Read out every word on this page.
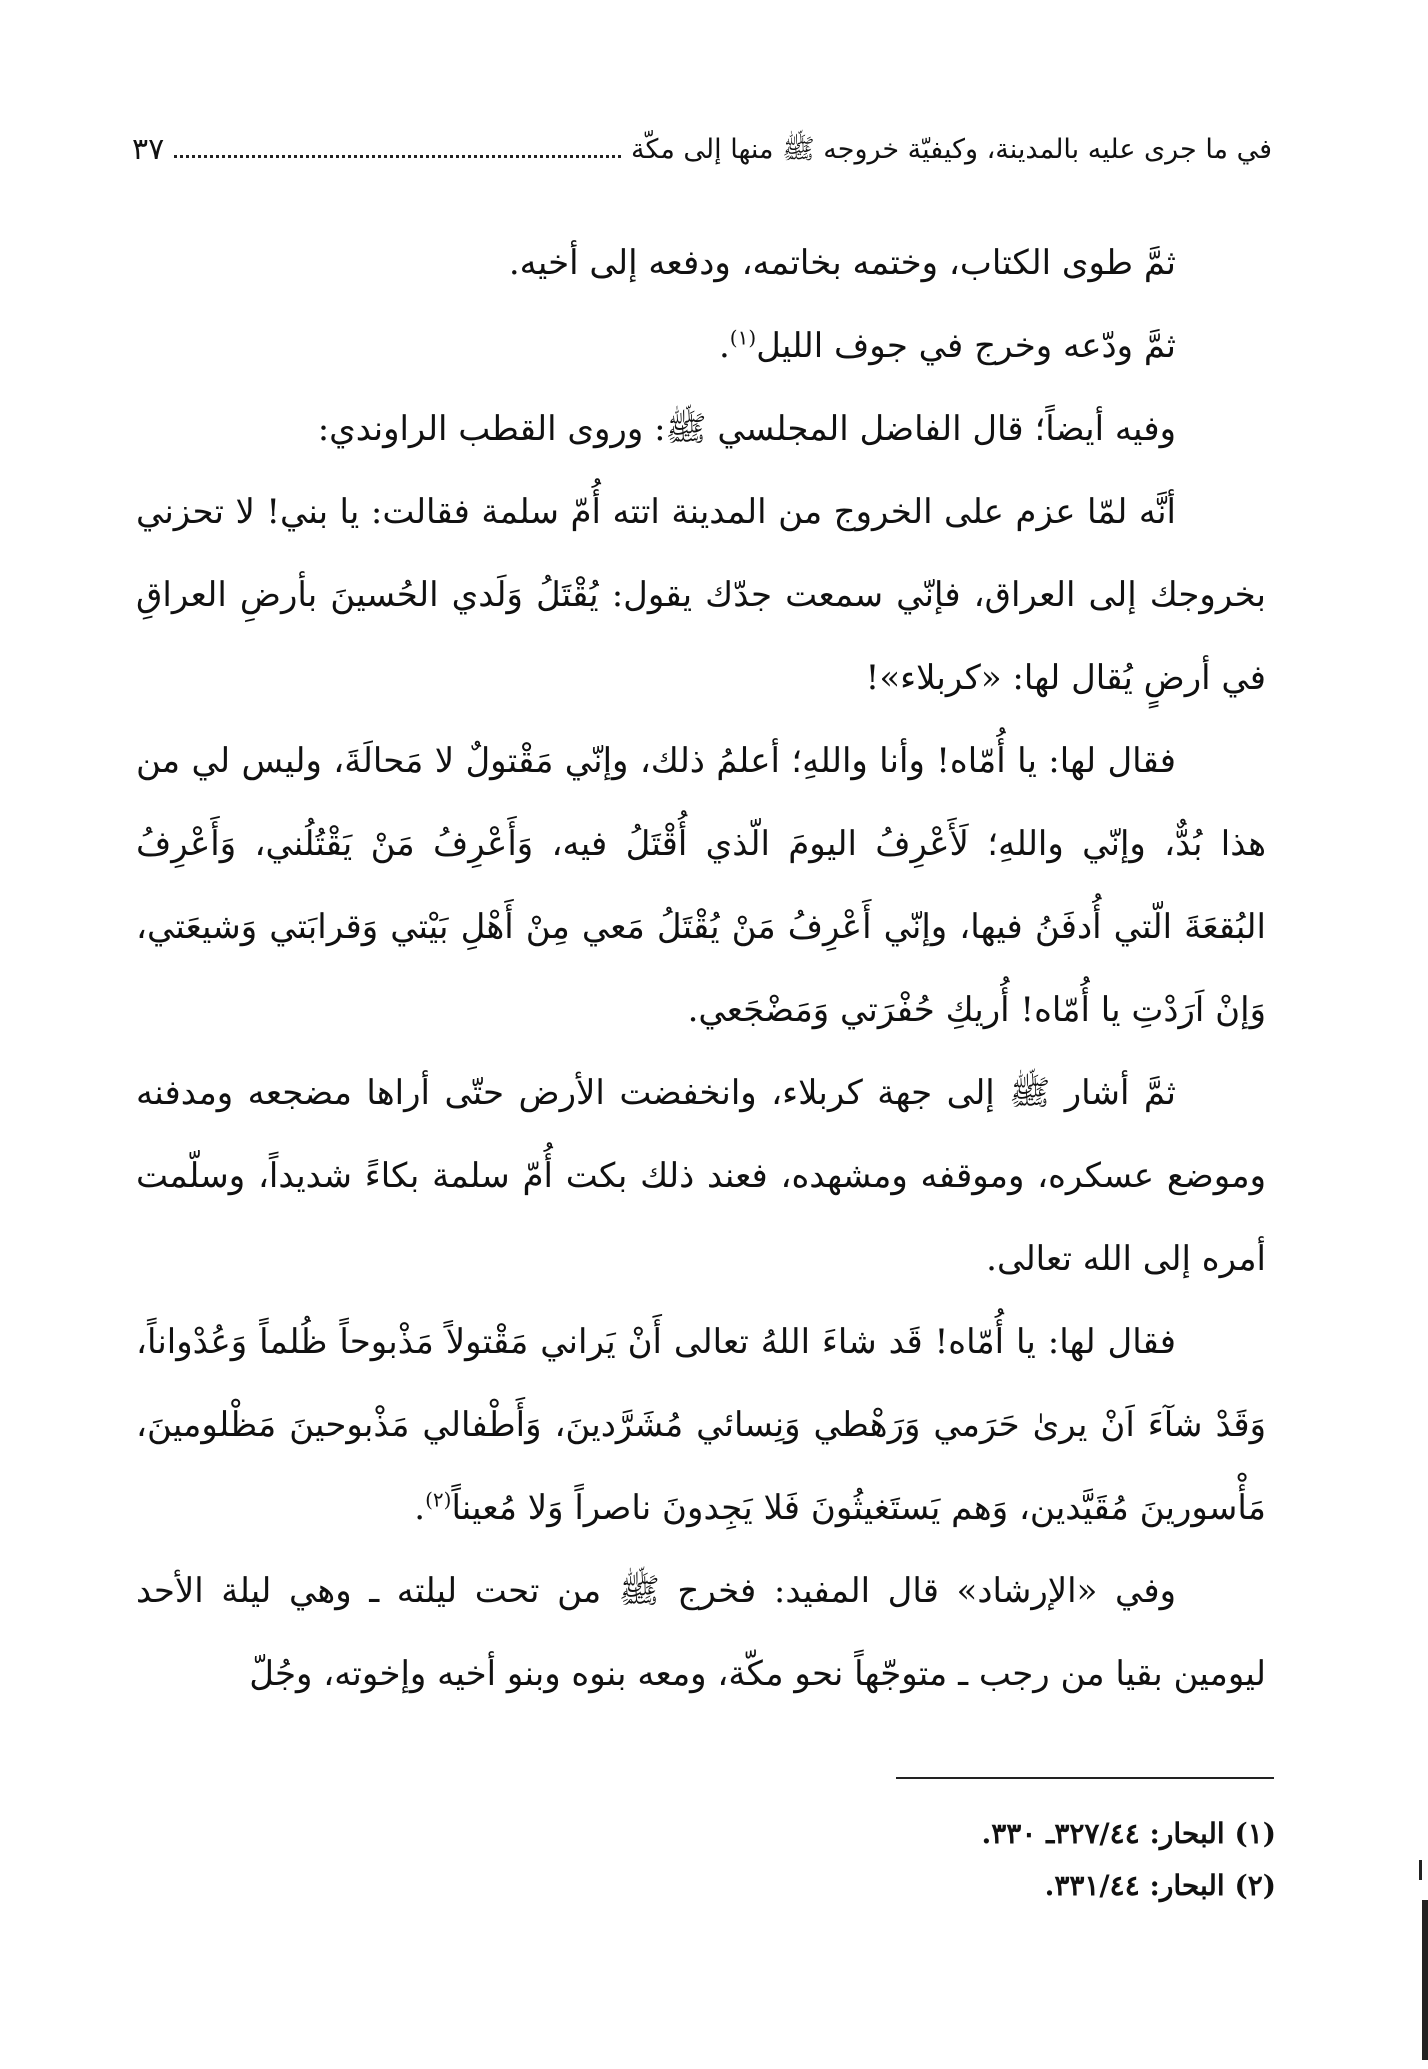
في ما جرى عليه بالمدينة، وكيفيّة خروجه ﷺ منها إلى مكّة
٣٧

ثمَّ طوى الكتاب، وختمه بخاتمه، ودفعه إلى أخيه.

ثمَّ ودّعه وخرج في جوف الليل$^{(١)}$.

وفيه أيضاً؛ قال الفاضل المجلسي ﷺ: وروى القطب الراوندي:

أنَّه لمّا عزم على الخروج من المدينة اتته أُمّ سلمة فقالت: يا بني! لا تحزني بخروجك إلى العراق، فإنّي سمعت جدّك يقول: يُقْتَلُ وَلَدي الحُسينَ بأرضِ العراقِ في أرضٍ يُقال لها: «كربلاء»!

فقال لها: يا أُمّاه! وأنا واللهِ؛ أعلمُ ذلك، وإنّي مَقْتولٌ لا مَحالَةَ، وليس لي من هذا بُدٌّ، وإنّي واللهِ؛ لَأَعْرِفُ اليومَ الّذي أُقْتَلُ فيه، وَأَعْرِفُ مَنْ يَقْتُلُني، وَأَعْرِفُ البُقعَةَ الّتي أُدفَنُ فيها، وإنّي أَعْرِفُ مَنْ يُقْتَلُ مَعي مِنْ أَهْلِ بَيْتي وَقرابَتي وَشيعَتي، وَإنْ اَرَدْتِ يا أُمّاه! أُريكِ حُفْرَتي وَمَضْجَعي.

ثمَّ أشار ﷺ إلى جهة كربلاء، وانخفضت الأرض حتّى أراها مضجعه ومدفنه وموضع عسكره، وموقفه ومشهده، فعند ذلك بكت أُمّ سلمة بكاءً شديداً، وسلّمت أمره إلى الله تعالى.

فقال لها: يا أُمّاه! قَد شاءَ اللهُ تعالى أَنْ يَراني مَقْتولاً مَذْبوحاً ظُلماً وَعُدْواناً، وَقَدْ شآءَ اَنْ يرىٰ حَرَمي وَرَهْطي وَنِسائي مُشَرَّدينَ، وَأَطْفالي مَذْبوحينَ مَظْلومينَ، مَأْسورينَ مُقَيَّدين، وَهم يَستَغيثُونَ فَلا يَجِدونَ ناصراً وَلا مُعيناً$^{(٢)}$.

وفي «الإرشاد» قال المفيد: فخرج ﷺ من تحت ليلته ـ وهي ليلة الأحد ليومين بقيا من رجب ـ متوجّهاً نحو مكّة، ومعه بنوه وبنو أخيه وإخوته، وجُلّ

(١) البحار: ٣٢٧/٤٤ـ ٣٣٠.
(٢) البحار: ٣٣١/٤٤.
